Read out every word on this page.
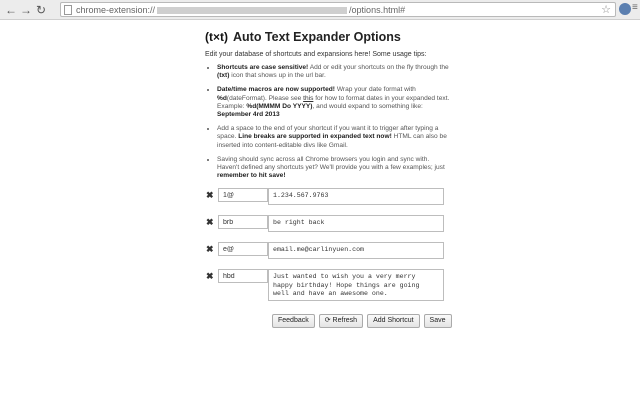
← → ↻	chrome-extension://	/options.html#	☆ ≡
(t×t) Auto Text Expander Options
Edit your database of shortcuts and expansions here! Some usage tips:
• Shortcuts are case sensitive! Add or edit your shortcuts on the fly through the (txt) icon that shows up in the url bar.
• Date/time macros are now supported! Wrap your date format with %d(dateFormat). Please see this for how to format dates in your expanded text. Example: %d(MMMM Do YYYY), and would expand to something like: September 4rd 2013
• Add a space to the end of your shortcut if you want it to trigger after typing a space. Line breaks are supported in expanded text now! HTML can also be inserted into content-editable divs like Gmail.
• Saving should sync across all Chrome browsers you login and sync with. Haven't defined any shortcuts yet? We'll provide you with a few examples; just remember to hit save!
✖
1@
1.234.567.9763
✖
brb
be right back
✖
e@
email.me@carlinyuen.com
✖
hbd
Just wanted to wish you a very merry happy birthday! Hope things are going well and have an awesome one.
Feedback	⟳ Refresh	Add Shortcut	Save
